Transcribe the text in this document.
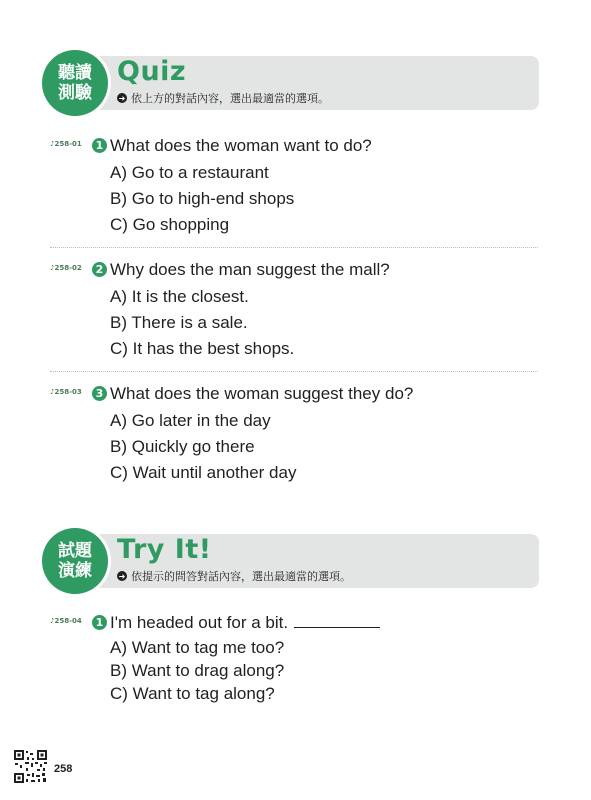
聽讀測驗
Quiz
➜ 依上方的對話內容，選出最適當的選項。
♪258-01	1 What does the woman want to do?
A) Go to a restaurant
B) Go to high-end shops
C) Go shopping
♪258-02	2 Why does the man suggest the mall?
A) It is the closest.
B) There is a sale.
C) It has the best shops.
♪258-03	3 What does the woman suggest they do?
A) Go later in the day
B) Quickly go there
C) Wait until another day
試題演練
Try It!
➜ 依提示的問答對話內容，選出最適當的選項。
♪258-04	1 I'm headed out for a bit.
A) Want to tag me too?
B) Want to drag along?
C) Want to tag along?
258
